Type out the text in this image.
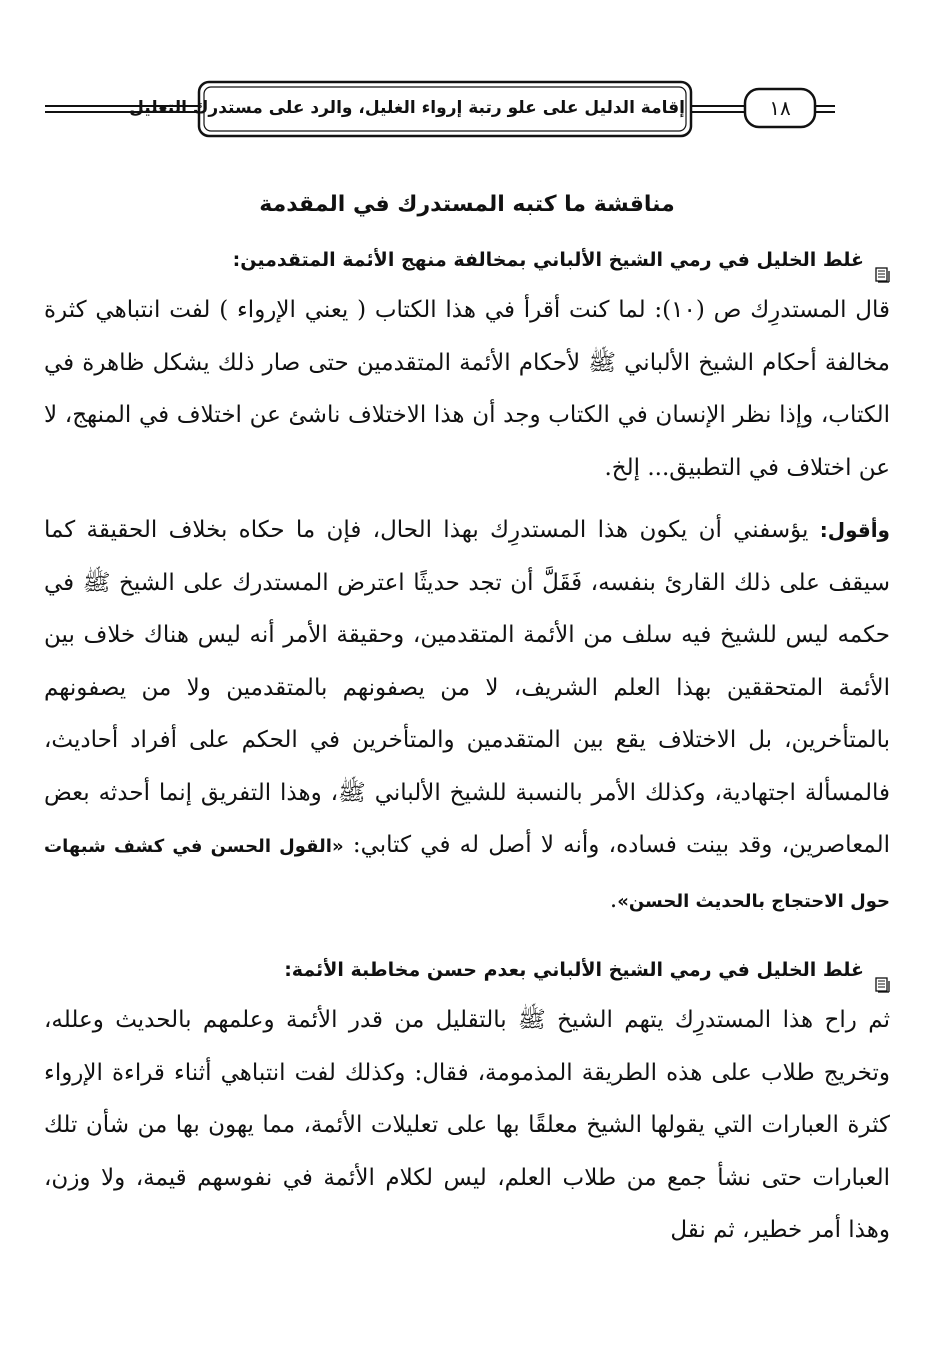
إقامة الدليل على علو رتبة إرواء الغليل، والرد على مستدرك التعليل	١٨
مناقشة ما كتبه المستدرك في المقدمة
غلط الخليل في رمي الشيخ الألباني بمخالفة منهج الأئمة المتقدمين:

قال المستدرِك ص (١٠): لما كنت أقرأ في هذا الكتاب ( يعني الإرواء ) لفت انتباهي كثرة مخالفة أحكام الشيخ الألباني ﷺ لأحكام الأئمة المتقدمين حتى صار ذلك يشكل ظاهرة في الكتاب، وإذا نظر الإنسان في الكتاب وجد أن هذا الاختلاف ناشئ عن اختلاف في المنهج، لا عن اختلاف في التطبيق... إلخ.

وأقول: يؤسفني أن يكون هذا المستدرِك بهذا الحال، فإن ما حكاه بخلاف الحقيقة كما سيقف على ذلك القارئ بنفسه، فَقَلَّ أن تجد حديثًا اعترض المستدرك على الشيخ ﷺ في حكمه ليس للشيخ فيه سلف من الأئمة المتقدمين، وحقيقة الأمر أنه ليس هناك خلاف بين الأئمة المتحققين بهذا العلم الشريف، لا من يصفونهم بالمتقدمين ولا من يصفونهم بالمتأخرين، بل الاختلاف يقع بين المتقدمين والمتأخرين في الحكم على أفراد أحاديث، فالمسألة اجتهادية، وكذلك الأمر بالنسبة للشيخ الألباني ﷺ، وهذا التفريق إنما أحدثه بعض المعاصرين، وقد بينت فساده، وأنه لا أصل له في كتابي: «القول الحسن في كشف شبهات حول الاحتجاج بالحديث الحسن».

غلط الخليل في رمي الشيخ الألباني بعدم حسن مخاطبة الأئمة:

ثم راح هذا المستدرِك يتهم الشيخ ﷺ بالتقليل من قدر الأئمة وعلمهم بالحديث وعلله، وتخريج طلاب على هذه الطريقة المذمومة، فقال: وكذلك لفت انتباهي أثناء قراءة الإرواء كثرة العبارات التي يقولها الشيخ معلقًا بها على تعليلات الأئمة، مما يهون بها من شأن تلك العبارات حتى نشأ جمع من طلاب العلم، ليس لكلام الأئمة في نفوسهم قيمة، ولا وزن، وهذا أمر خطير، ثم نقل
